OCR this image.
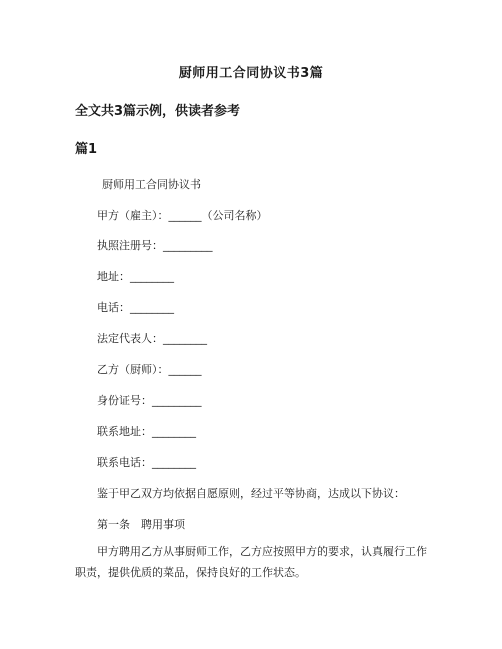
厨师用工合同协议书3篇
全文共3篇示例，供读者参考
篇1
厨师用工合同协议书
甲方（雇主）：______（公司名称）
执照注册号：_________
地址：________
电话：________
法定代表人：________
乙方（厨师）：______
身份证号：_________
联系地址：________
联系电话：________
鉴于甲乙双方均依据自愿原则，经过平等协商，达成以下协议：
第一条　聘用事项
甲方聘用乙方从事厨师工作，乙方应按照甲方的要求，认真履行工作职责，提供优质的菜品，保持良好的工作状态。
